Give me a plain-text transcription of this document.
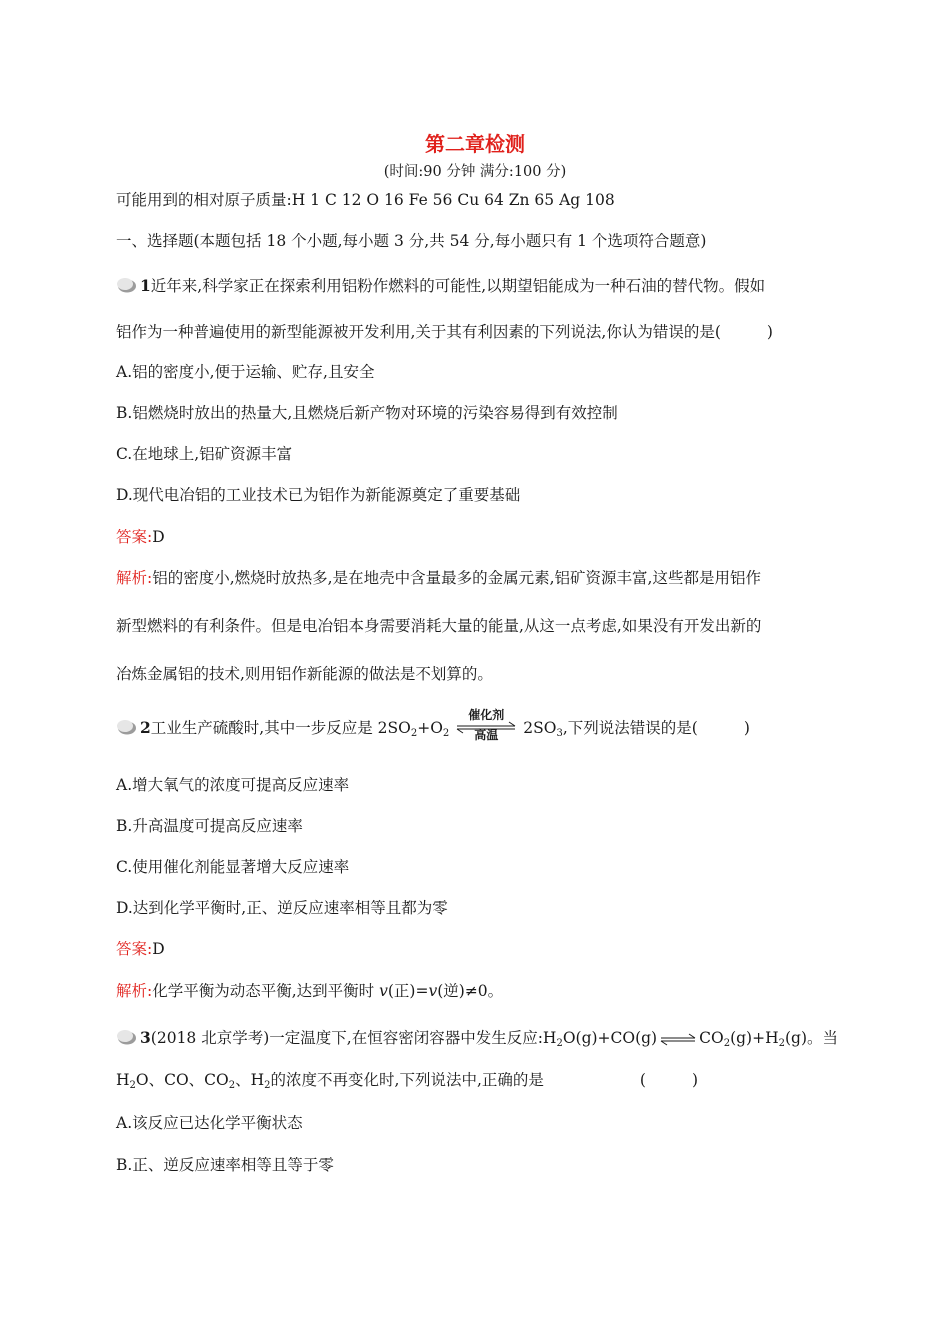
第二章检测
(时间:90 分钟 满分:100 分)
可能用到的相对原子质量:H 1 C 12 O 16 Fe 56 Cu 64 Zn 65 Ag 108
一、选择题(本题包括 18 个小题,每小题 3 分,共 54 分,每小题只有 1 个选项符合题意)
1近年来,科学家正在探索利用铝粉作燃料的可能性,以期望铝能成为一种石油的替代物。假如
铝作为一种普遍使用的新型能源被开发利用,关于其有利因素的下列说法,你认为错误的是(	)
A.铝的密度小,便于运输、贮存,且安全
B.铝燃烧时放出的热量大,且燃烧后新产物对环境的污染容易得到有效控制
C.在地球上,铝矿资源丰富
D.现代电冶铝的工业技术已为铝作为新能源奠定了重要基础
答案:D
解析:铝的密度小,燃烧时放热多,是在地壳中含量最多的金属元素,铝矿资源丰富,这些都是用铝作
新型燃料的有利条件。但是电冶铝本身需要消耗大量的能量,从这一点考虑,如果没有开发出新的
冶炼金属铝的技术,则用铝作新能源的做法是不划算的。
2工业生产硫酸时,其中一步反应是 $2SO_2+O_2$
催化剂
高温	$2SO_3$,下列说法错误的是(	)
A.增大氧气的浓度可提高反应速率
B.升高温度可提高反应速率
C.使用催化剂能显著增大反应速率
D.达到化学平衡时,正、逆反应速率相等且都为零
答案:D
解析:化学平衡为动态平衡,达到平衡时 v(正)=v(逆)≠0。
3(2018 北京学考)一定温度下,在恒容密闭容器中发生反应$:H_2O(g)+CO(g)$ ⇌ $CO_2(g)+H_2(g)$。当
$H_2O$、CO、$CO_2$、$H_2$的浓度不再变化时,下列说法中,正确的是	(	)
A.该反应已达化学平衡状态
B.正、逆反应速率相等且等于零
